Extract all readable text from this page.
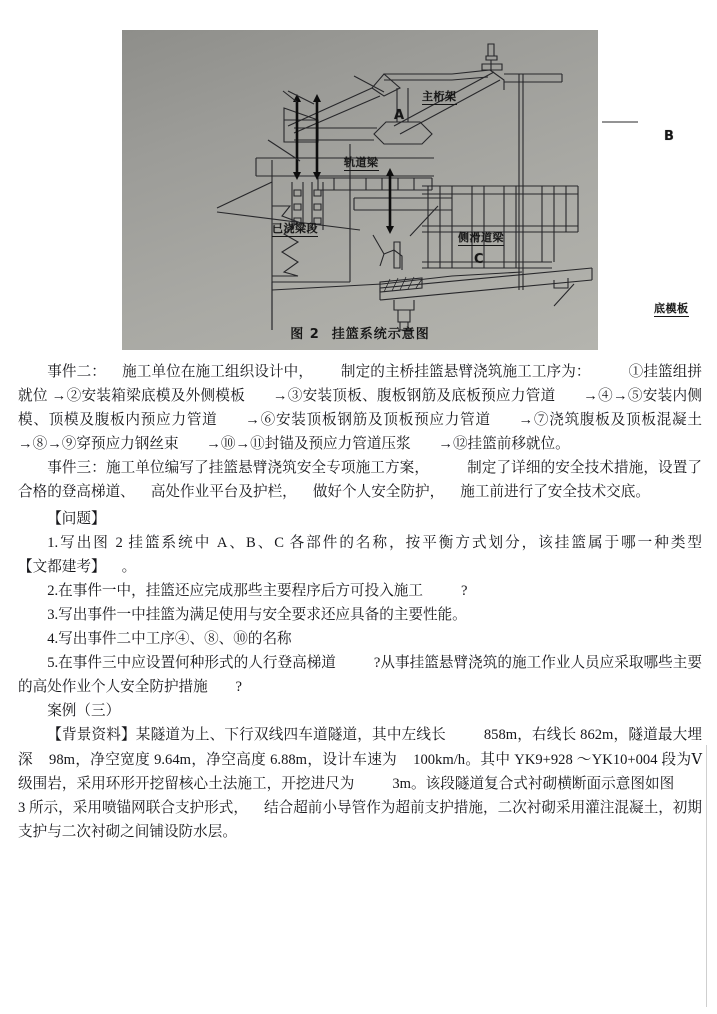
主桁架
A
B
轨道梁
已浇梁段
侧滑道梁
C
底模板
图 2 挂篮系统示意图

事件二： 施工单位在施工组织设计中， 制定的主桥挂篮悬臂浇筑施工工序为：	①挂篮组拼就位 →②安装箱梁底模及外侧模板 →③安装顶板、腹板钢筋及底板预应力管道 →④→⑤安装内侧模、顶模及腹板内预应力管道 →⑥安装顶板钢筋及顶板预应力管道 →⑦浇筑腹板及顶板混凝土 →⑧→⑨穿预应力钢丝束 →⑩→⑪封锚及预应力管道压浆 →⑫挂篮前移就位。

事件三：施工单位编写了挂篮悬臂浇筑安全专项施工方案，	制定了详细的安全技术措施，设置了合格的登高梯道、 高处作业平台及护栏， 做好个人安全防护， 施工前进行了安全技术交底。

【问题】

1.写出图 2 挂篮系统中 A、B、C 各部件的名称，按平衡方式划分，该挂篮属于哪一种类型【文都建考】 。

2.在事件一中，挂篮还应完成那些主要程序后方可投入施工	?

3.写出事件一中挂篮为满足使用与安全要求还应具备的主要性能。

4.写出事件二中工序④、⑧、⑩的名称

5.在事件三中应设置何种形式的人行登高梯道	?从事挂篮悬臂浇筑的施工作业人员应采取哪些主要的高处作业个人安全防护措施 ?

案例（三）

【背景资料】某隧道为上、下行双线四车道隧道，其中左线长	858m，右线长 862m，隧道最大埋深 98m，净空宽度 9.64m，净空高度 6.88m，设计车速为 100km/h。其中 YK9+928 ～YK10+004 段为Ⅴ级围岩，采用环形开挖留核心土法施工，开挖进尺为	3m。该段隧道复合式衬砌横断面示意图如图3 所示，采用喷锚网联合支护形式， 结合超前小导管作为超前支护措施，二次衬砌采用灌注混凝土，初期支护与二次衬砌之间铺设防水层。
